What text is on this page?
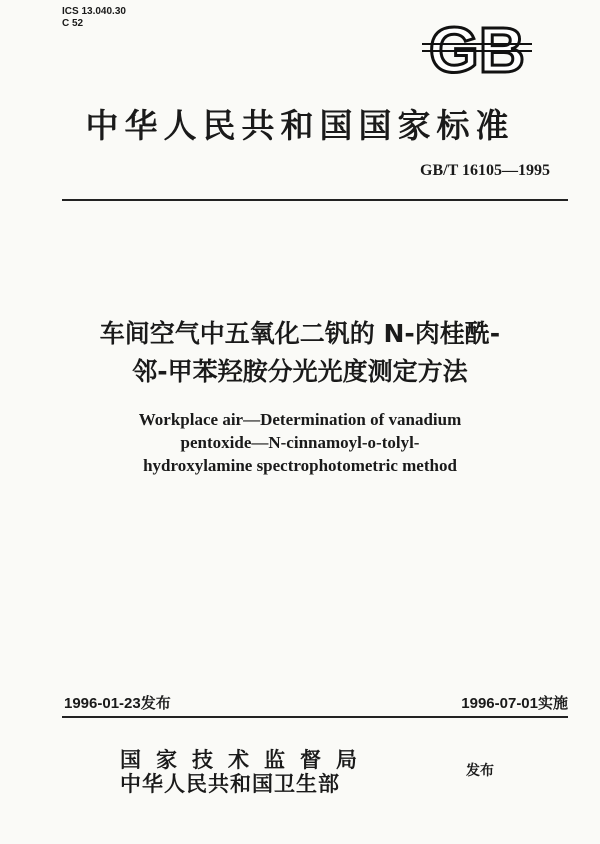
ICS 13.040.30
C 52	GB
中华人民共和国国家标准
GB/T 16105—1995
车间空气中五氧化二钒的 N-肉桂酰-
邻-甲苯羟胺分光光度测定方法
Workplace air—Determination of vanadium
pentoxide—N-cinnamoyl-o-tolyl-
hydroxylamine spectrophotometric method
1996-01-23发布	1996-07-01实施
国家技术监督局
中华人民共和国卫生部
发布
